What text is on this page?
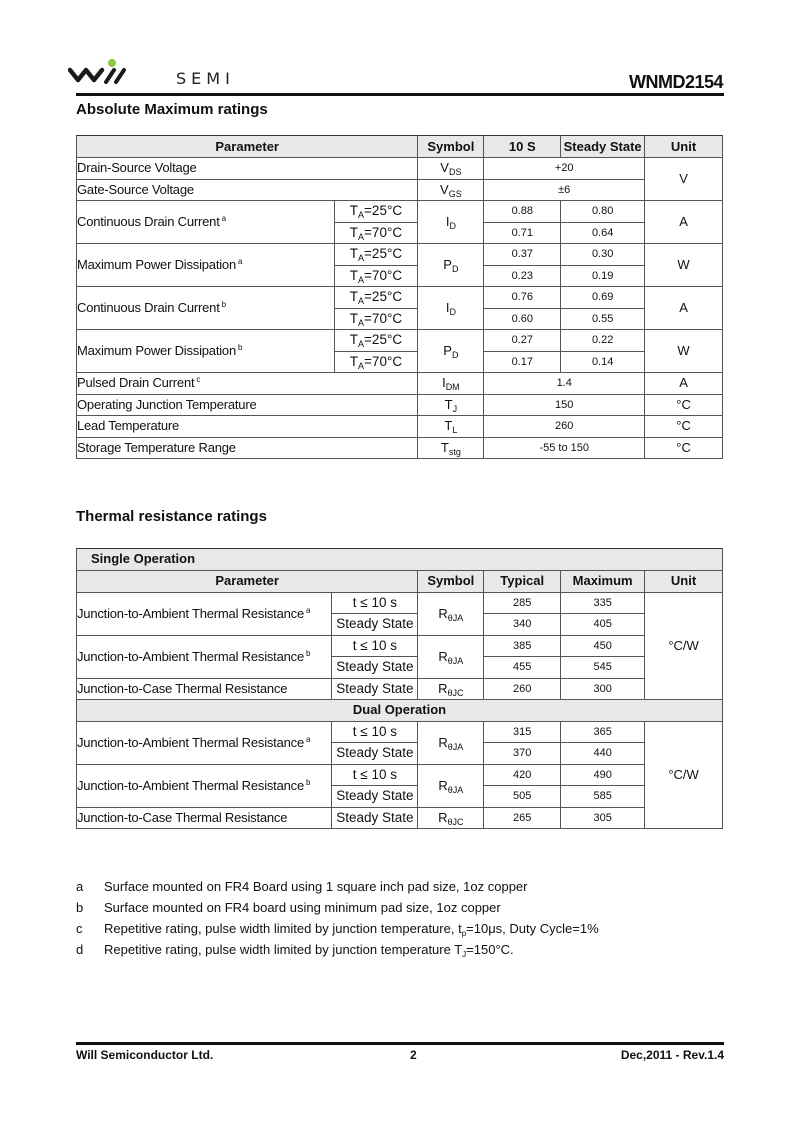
SEMI	WNMD2154
Absolute Maximum ratings
Parameter		Symbol	10 S	Steady State	Unit
Drain-Source Voltage		$V_{DS}$	+20		V
Gate-Source Voltage		$V_{GS}$	±6		
Continuous Drain Current $^a$	$T_A=25^\circ C$	$I_D$	0.88	0.80	A
	$T_A=70^\circ C$		0.71	0.64	
Maximum Power Dissipation $^a$	$T_A=25^\circ C$	$P_D$	0.37	0.30	W
	$T_A=70^\circ C$		0.23	0.19	
Continuous Drain Current $^b$	$T_A=25^\circ C$	$I_D$	0.76	0.69	A
	$T_A=70^\circ C$		0.60	0.55	
Maximum Power Dissipation $^b$	$T_A=25^\circ C$	$P_D$	0.27	0.22	W
	$T_A=70^\circ C$		0.17	0.14	
Pulsed Drain Current $^c$		$I_{DM}$	1.4		A
Operating Junction Temperature		$T_J$	150		°C
Lead Temperature		$T_L$	260		°C
Storage Temperature Range		$T_{stg}$	-55 to 150		°C
Thermal resistance ratings
Single Operation					
Parameter		Symbol	Typical	Maximum	Unit
Junction-to-Ambient Thermal Resistance $^a$	t ≤ 10 s	$R_{\theta JA}$	285	335	°C/W
	Steady State		340	405	
Junction-to-Ambient Thermal Resistance $^b$	t ≤ 10 s	$R_{\theta JA}$	385	450	
	Steady State		455	545	
Junction-to-Case Thermal Resistance	Steady State	$R_{\theta JC}$	260	300	
Dual Operation					
Junction-to-Ambient Thermal Resistance $^a$	t ≤ 10 s	$R_{\theta JA}$	315	365	°C/W
	Steady State		370	440	
Junction-to-Ambient Thermal Resistance $^b$	t ≤ 10 s	$R_{\theta JA}$	420	490	
	Steady State		505	585	
Junction-to-Case Thermal Resistance	Steady State	$R_{\theta JC}$	265	305	
a	Surface mounted on FR4 Board using 1 square inch pad size, 1oz copper
b	Surface mounted on FR4 board using minimum pad size, 1oz copper
c	Repetitive rating, pulse width limited by junction temperature, $t_p=10\mu s$, Duty Cycle=1%
d	Repetitive rating, pulse width limited by junction temperature $T_J=150^\circ C$.
Will Semiconductor Ltd.	2	Dec,2011 - Rev.1.4
